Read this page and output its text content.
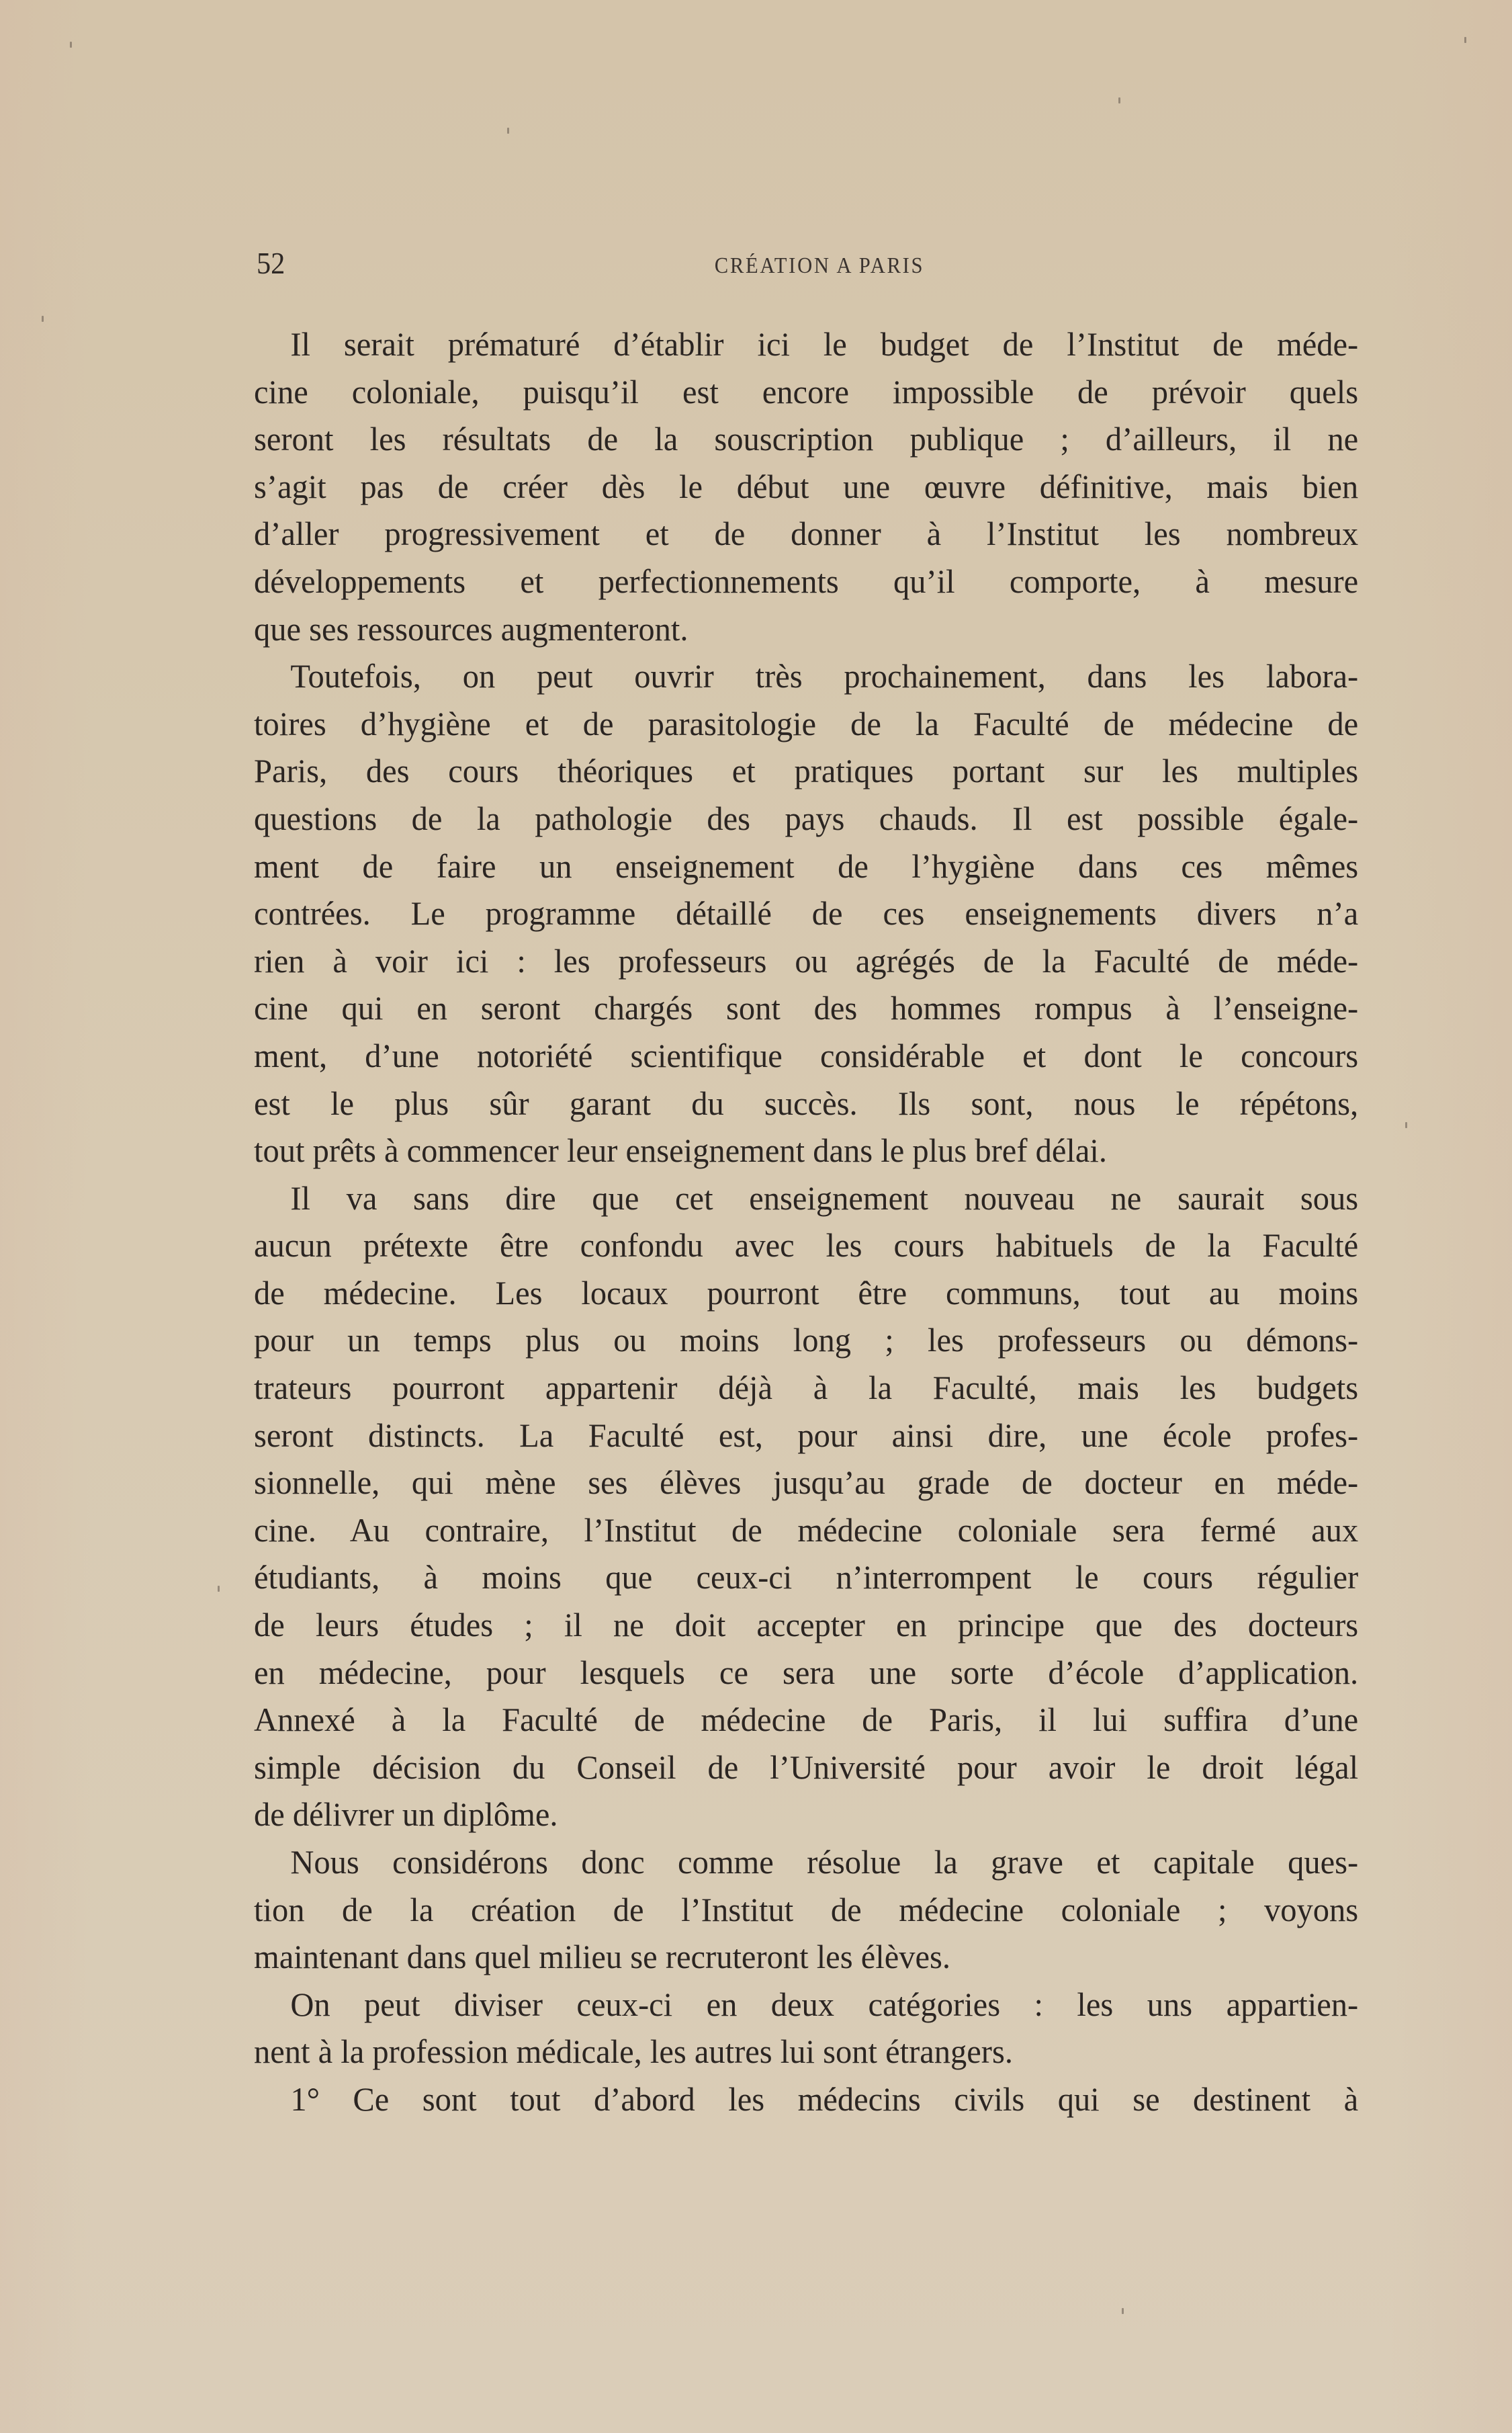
52	CRÉATION A PARIS
Il serait prématuré d’établir ici le budget de l’Institut de méde-
cine coloniale, puisqu’il est encore impossible de prévoir quels
seront les résultats de la souscription publique ; d’ailleurs, il ne
s’agit pas de créer dès le début une œuvre définitive, mais bien
d’aller progressivement et de donner à l’Institut les nombreux
développements et perfectionnements qu’il comporte, à mesure
que ses ressources augmenteront.
Toutefois, on peut ouvrir très prochainement, dans les labora-
toires d’hygiène et de parasitologie de la Faculté de médecine de
Paris, des cours théoriques et pratiques portant sur les multiples
questions de la pathologie des pays chauds. Il est possible égale-
ment de faire un enseignement de l’hygiène dans ces mêmes
contrées. Le programme détaillé de ces enseignements divers n’a
rien à voir ici : les professeurs ou agrégés de la Faculté de méde-
cine qui en seront chargés sont des hommes rompus à l’enseigne-
ment, d’une notoriété scientifique considérable et dont le concours
est le plus sûr garant du succès. Ils sont, nous le répétons,
tout prêts à commencer leur enseignement dans le plus bref délai.
Il va sans dire que cet enseignement nouveau ne saurait sous
aucun prétexte être confondu avec les cours habituels de la Faculté
de médecine. Les locaux pourront être communs, tout au moins
pour un temps plus ou moins long ; les professeurs ou démons-
trateurs pourront appartenir déjà à la Faculté, mais les budgets
seront distincts. La Faculté est, pour ainsi dire, une école profes-
sionnelle, qui mène ses élèves jusqu’au grade de docteur en méde-
cine. Au contraire, l’Institut de médecine coloniale sera fermé aux
étudiants, à moins que ceux-ci n’interrompent le cours régulier
de leurs études ; il ne doit accepter en principe que des docteurs
en médecine, pour lesquels ce sera une sorte d’école d’application.
Annexé à la Faculté de médecine de Paris, il lui suffira d’une
simple décision du Conseil de l’Université pour avoir le droit légal
de délivrer un diplôme.
Nous considérons donc comme résolue la grave et capitale ques-
tion de la création de l’Institut de médecine coloniale ; voyons
maintenant dans quel milieu se recruteront les élèves.
On peut diviser ceux-ci en deux catégories : les uns appartien-
nent à la profession médicale, les autres lui sont étrangers.
1° Ce sont tout d’abord les médecins civils qui se destinent à
